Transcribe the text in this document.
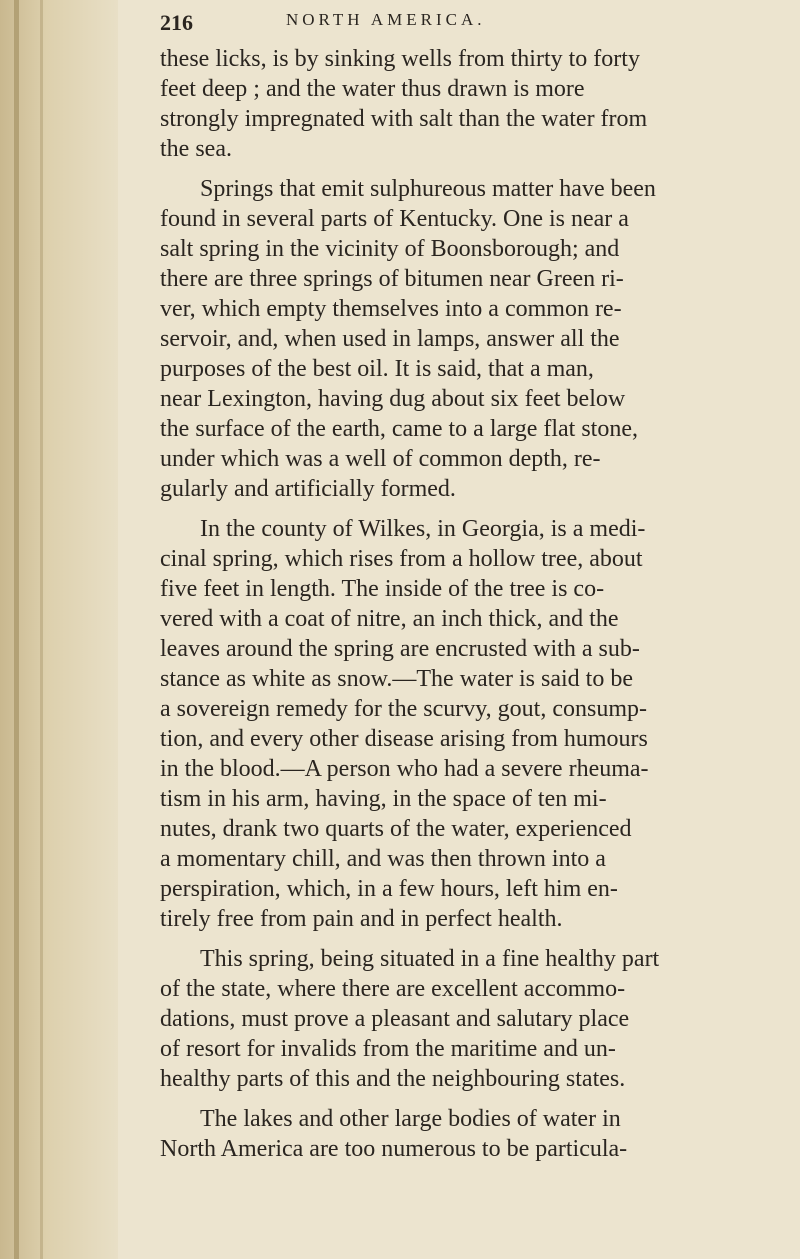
216	NORTH AMERICA.
these licks, is by sinking wells from thirty to forty
feet deep ; and the water thus drawn is more
strongly impregnated with salt than the water from
the sea.
Springs that emit sulphureous matter have been
found in several parts of Kentucky. One is near a
salt spring in the vicinity of Boonsborough; and
there are three springs of bitumen near Green ri-
ver, which empty themselves into a common re-
servoir, and, when used in lamps, answer all the
purposes of the best oil. It is said, that a man,
near Lexington, having dug about six feet below
the surface of the earth, came to a large flat stone,
under which was a well of common depth, re-
gularly and artificially formed.
In the county of Wilkes, in Georgia, is a medi-
cinal spring, which rises from a hollow tree, about
five feet in length. The inside of the tree is co-
vered with a coat of nitre, an inch thick, and the
leaves around the spring are encrusted with a sub-
stance as white as snow.—The water is said to be
a sovereign remedy for the scurvy, gout, consump-
tion, and every other disease arising from humours
in the blood.—A person who had a severe rheuma-
tism in his arm, having, in the space of ten mi-
nutes, drank two quarts of the water, experienced
a momentary chill, and was then thrown into a
perspiration, which, in a few hours, left him en-
tirely free from pain and in perfect health.
This spring, being situated in a fine healthy part
of the state, where there are excellent accommo-
dations, must prove a pleasant and salutary place
of resort for invalids from the maritime and un-
healthy parts of this and the neighbouring states.
The lakes and other large bodies of water in
North America are too numerous to be particula-
